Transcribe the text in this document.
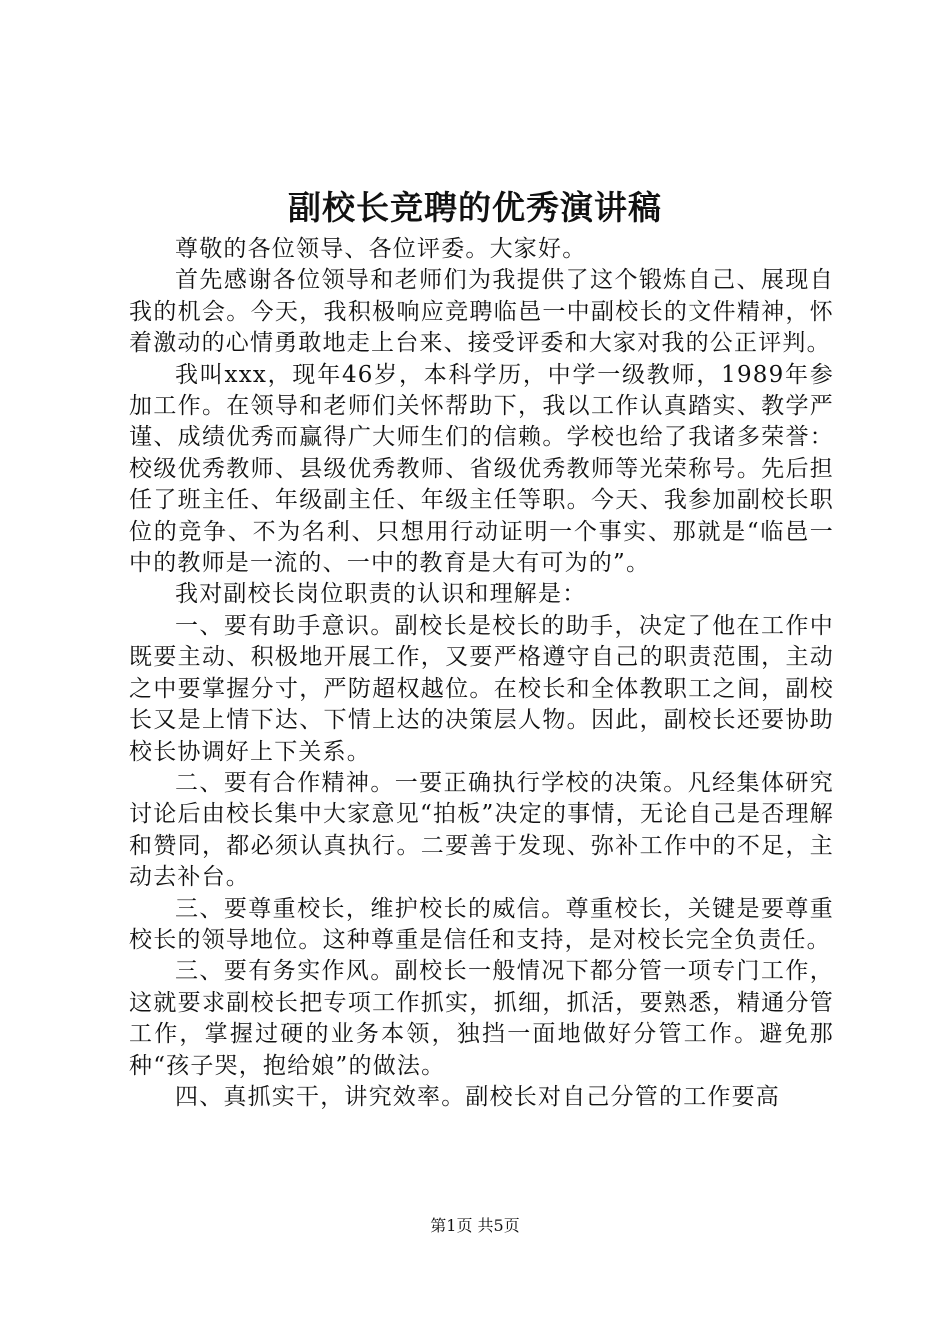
副校长竞聘的优秀演讲稿

尊敬的各位领导、各位评委。大家好。

首先感谢各位领导和老师们为我提供了这个锻炼自己、展现自我的机会。今天，我积极响应竞聘临邑一中副校长的文件精神，怀着激动的心情勇敢地走上台来、接受评委和大家对我的公正评判。

我叫xxx，现年46岁，本科学历，中学一级教师，1989年参加工作。在领导和老师们关怀帮助下，我以工作认真踏实、教学严谨、成绩优秀而赢得广大师生们的信赖。学校也给了我诸多荣誉：校级优秀教师、县级优秀教师、省级优秀教师等光荣称号。先后担任了班主任、年级副主任、年级主任等职。今天、我参加副校长职位的竞争、不为名利、只想用行动证明一个事实、那就是“临邑一中的教师是一流的、一中的教育是大有可为的”。

我对副校长岗位职责的认识和理解是：

一、要有助手意识。副校长是校长的助手，决定了他在工作中既要主动、积极地开展工作，又要严格遵守自己的职责范围，主动之中要掌握分寸，严防超权越位。在校长和全体教职工之间，副校长又是上情下达、下情上达的决策层人物。因此，副校长还要协助校长协调好上下关系。

二、要有合作精神。一要正确执行学校的决策。凡经集体研究讨论后由校长集中大家意见“拍板”决定的事情，无论自己是否理解和赞同，都必须认真执行。二要善于发现、弥补工作中的不足，主动去补台。

三、要尊重校长，维护校长的威信。尊重校长，关键是要尊重校长的领导地位。这种尊重是信任和支持，是对校长完全负责任。

三、要有务实作风。副校长一般情况下都分管一项专门工作，这就要求副校长把专项工作抓实，抓细，抓活，要熟悉，精通分管工作，掌握过硬的业务本领，独挡一面地做好分管工作。避免那种“孩子哭，抱给娘”的做法。

四、真抓实干，讲究效率。副校长对自己分管的工作要高

第1页 共5页
